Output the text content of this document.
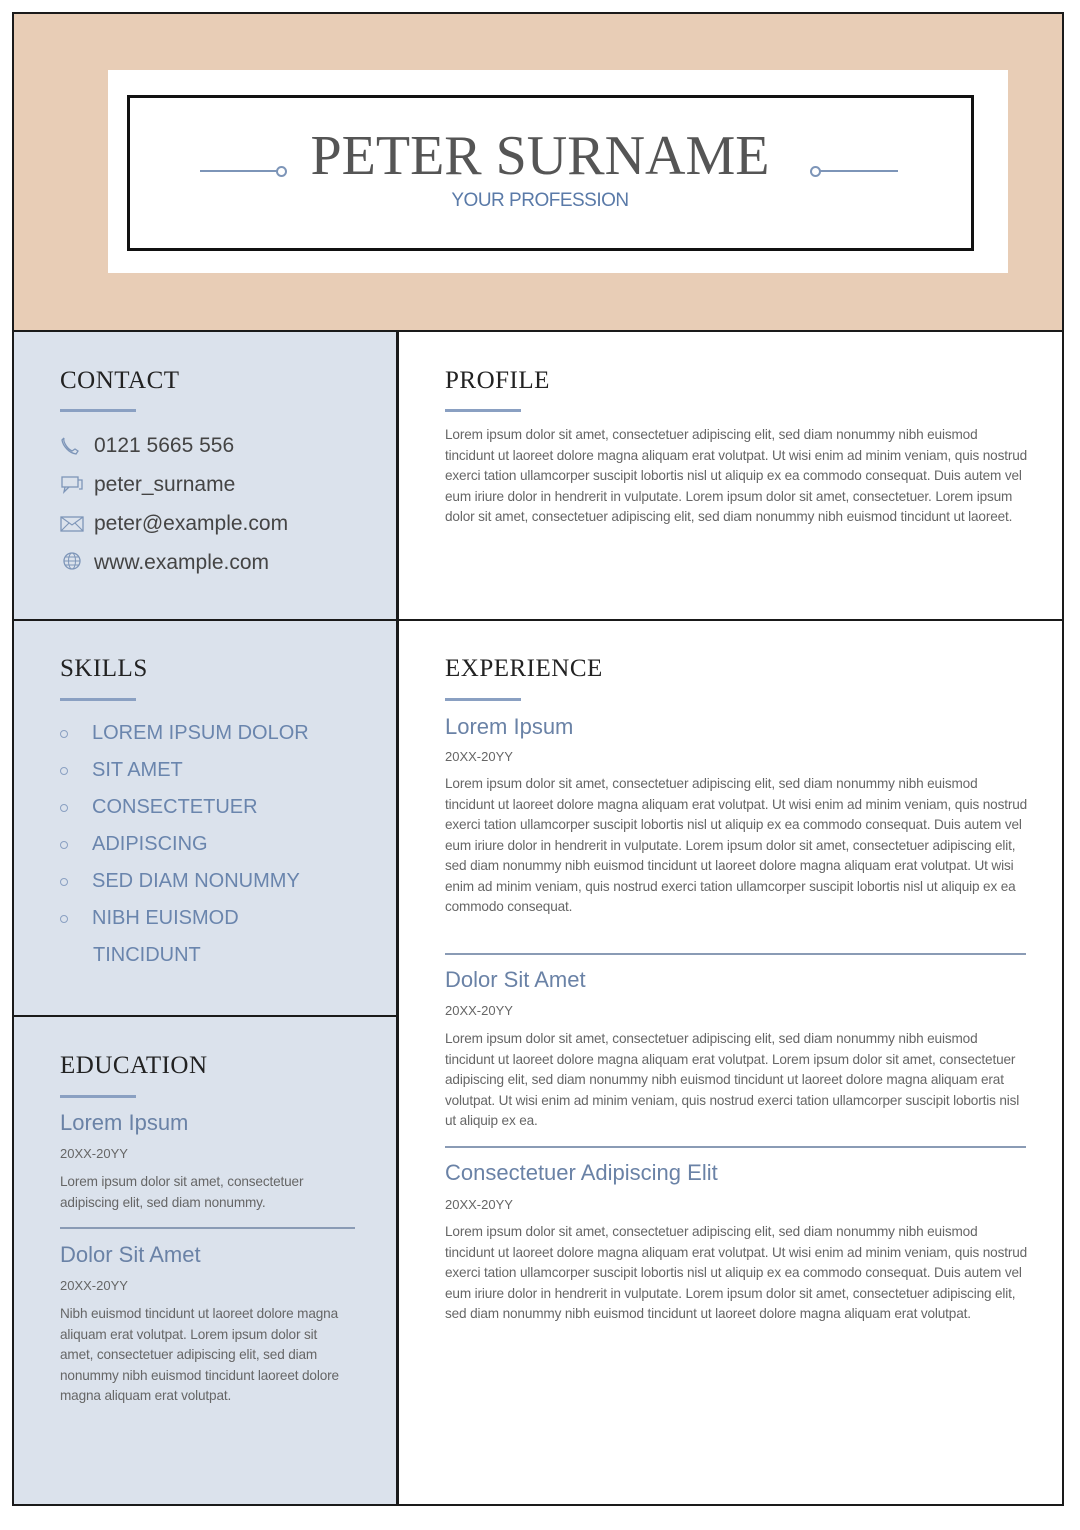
PETER SURNAME
YOUR PROFESSION
CONTACT
0121 5665 556
peter_surname
peter@example.com
www.example.com
SKILLS
LOREM IPSUM DOLOR
SIT AMET
CONSECTETUER
ADIPISCING
SED DIAM NONUMMY
NIBH EUISMOD
TINCIDUNT
EDUCATION
Lorem Ipsum
20XX-20YY
Lorem ipsum dolor sit amet, consectetuer adipiscing elit, sed diam nonummy.
Dolor Sit Amet
20XX-20YY
Nibh euismod tincidunt ut laoreet dolore magna aliquam erat volutpat. Lorem ipsum dolor sit amet, consectetuer adipiscing elit, sed diam nonummy nibh euismod tincidunt laoreet dolore magna aliquam erat volutpat.
PROFILE
Lorem ipsum dolor sit amet, consectetuer adipiscing elit, sed diam nonummy nibh euismod tincidunt ut laoreet dolore magna aliquam erat volutpat. Ut wisi enim ad minim veniam, quis nostrud exerci tation ullamcorper suscipit lobortis nisl ut aliquip ex ea commodo consequat. Duis autem vel eum iriure dolor in hendrerit in vulputate. Lorem ipsum dolor sit amet, consectetuer. Lorem ipsum dolor sit amet, consectetuer adipiscing elit, sed diam nonummy nibh euismod tincidunt ut laoreet.
EXPERIENCE
Lorem Ipsum
20XX-20YY
Lorem ipsum dolor sit amet, consectetuer adipiscing elit, sed diam nonummy nibh euismod tincidunt ut laoreet dolore magna aliquam erat volutpat. Ut wisi enim ad minim veniam, quis nostrud exerci tation ullamcorper suscipit lobortis nisl ut aliquip ex ea commodo consequat. Duis autem vel eum iriure dolor in hendrerit in vulputate. Lorem ipsum dolor sit amet, consectetuer adipiscing elit, sed diam nonummy nibh euismod tincidunt ut laoreet dolore magna aliquam erat volutpat. Ut wisi enim ad minim veniam, quis nostrud exerci tation ullamcorper suscipit lobortis nisl ut aliquip ex ea commodo consequat.
Dolor Sit Amet
20XX-20YY
Lorem ipsum dolor sit amet, consectetuer adipiscing elit, sed diam nonummy nibh euismod tincidunt ut laoreet dolore magna aliquam erat volutpat. Lorem ipsum dolor sit amet, consectetuer adipiscing elit, sed diam nonummy nibh euismod tincidunt ut laoreet dolore magna aliquam erat volutpat. Ut wisi enim ad minim veniam, quis nostrud exerci tation ullamcorper suscipit lobortis nisl ut aliquip ex ea.
Consectetuer Adipiscing Elit
20XX-20YY
Lorem ipsum dolor sit amet, consectetuer adipiscing elit, sed diam nonummy nibh euismod tincidunt ut laoreet dolore magna aliquam erat volutpat. Ut wisi enim ad minim veniam, quis nostrud exerci tation ullamcorper suscipit lobortis nisl ut aliquip ex ea commodo consequat. Duis autem vel eum iriure dolor in hendrerit in vulputate. Lorem ipsum dolor sit amet, consectetuer adipiscing elit, sed diam nonummy nibh euismod tincidunt ut laoreet dolore magna aliquam erat volutpat.
